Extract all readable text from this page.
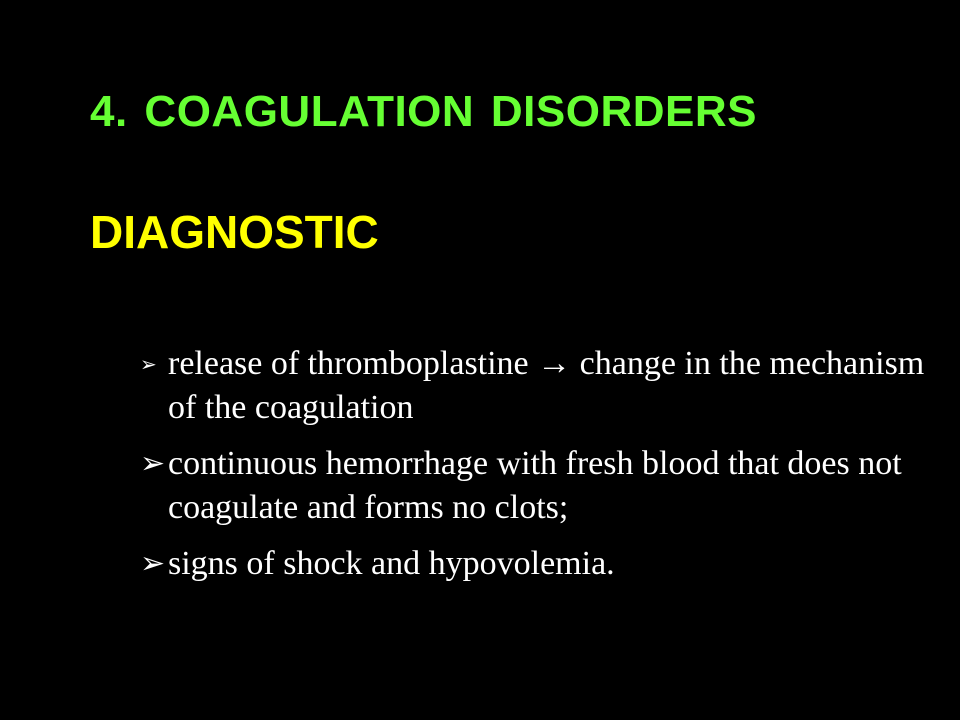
4. COAGULATION DISORDERS
DIAGNOSTIC
➢ release of thromboplastine → change in the mechanism of the coagulation
➢ continuous hemorrhage with fresh blood that does not coagulate and forms no clots;
➢ signs of shock and hypovolemia.
